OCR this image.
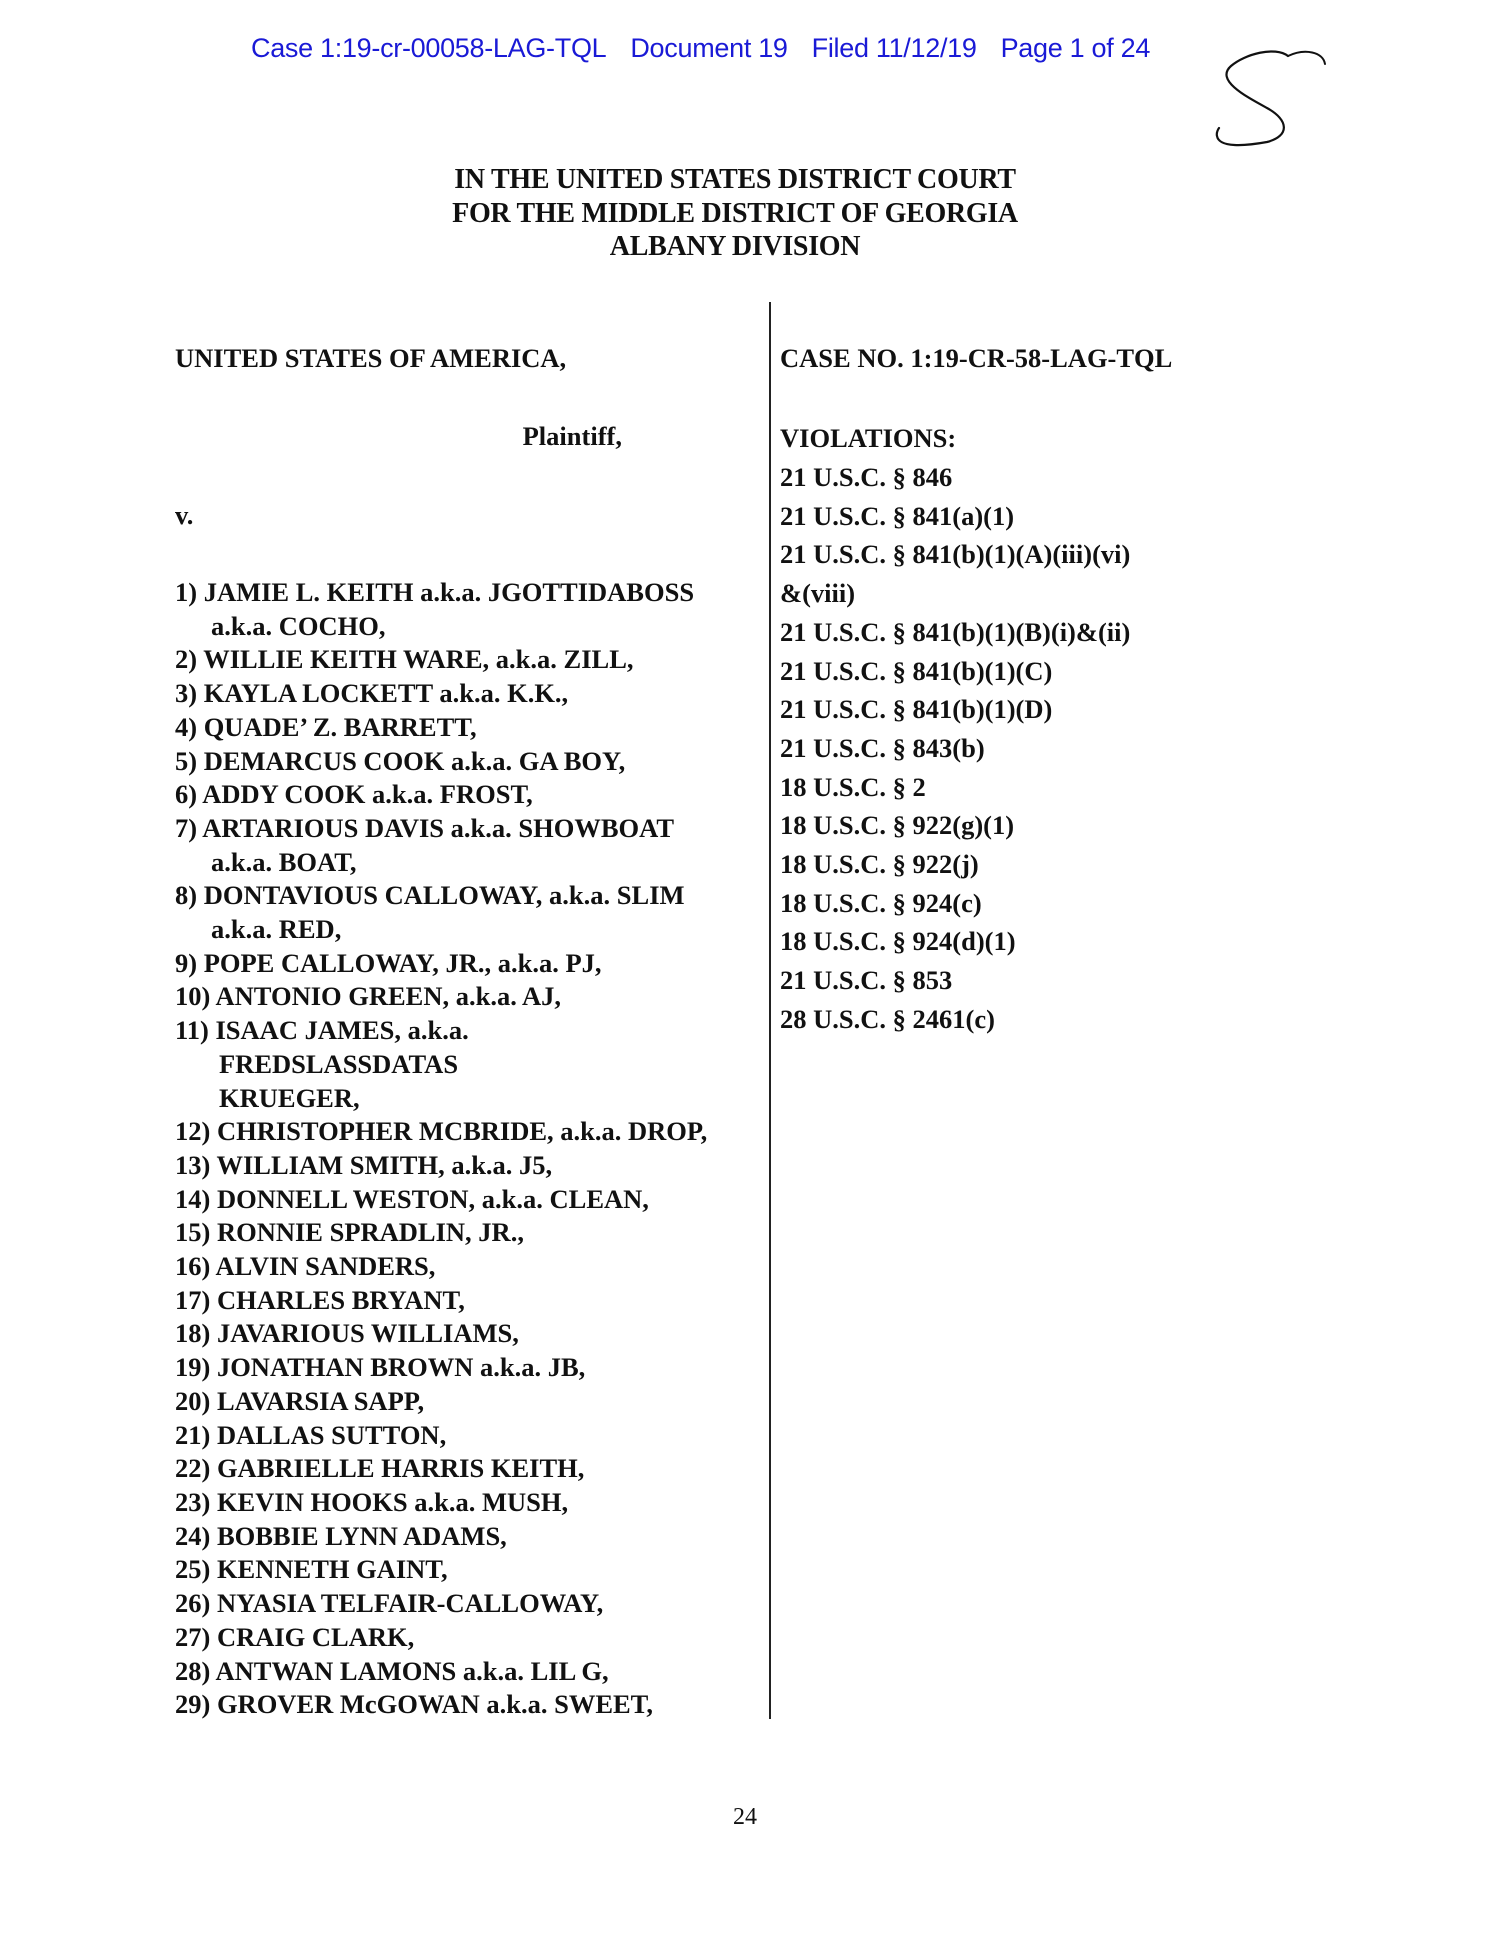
Case 1:19-cr-00058-LAG-TQL Document 19 Filed 11/12/19 Page 1 of 24
IN THE UNITED STATES DISTRICT COURT
FOR THE MIDDLE DISTRICT OF GEORGIA
ALBANY DIVISION
UNITED STATES OF AMERICA,
Plaintiff,
v.
CASE NO. 1:19-CR-58-LAG-TQL
1) JAMIE L. KEITH a.k.a. JGOTTIDABOSS
a.k.a. COCHO,
2) WILLIE KEITH WARE, a.k.a. ZILL,
3) KAYLA LOCKETT a.k.a. K.K.,
4) QUADE’ Z. BARRETT,
5) DEMARCUS COOK a.k.a. GA BOY,
6) ADDY COOK a.k.a. FROST,
7) ARTARIOUS DAVIS a.k.a. SHOWBOAT
a.k.a. BOAT,
8) DONTAVIOUS CALLOWAY, a.k.a. SLIM
a.k.a. RED,
9) POPE CALLOWAY, JR., a.k.a. PJ,
10) ANTONIO GREEN, a.k.a. AJ,
11) ISAAC JAMES, a.k.a.
FREDSLASSDATAS
KRUEGER,
12) CHRISTOPHER MCBRIDE, a.k.a. DROP,
13) WILLIAM SMITH, a.k.a. J5,
14) DONNELL WESTON, a.k.a. CLEAN,
15) RONNIE SPRADLIN, JR.,
16) ALVIN SANDERS,
17) CHARLES BRYANT,
18) JAVARIOUS WILLIAMS,
19) JONATHAN BROWN a.k.a. JB,
20) LAVARSIA SAPP,
21) DALLAS SUTTON,
22) GABRIELLE HARRIS KEITH,
23) KEVIN HOOKS a.k.a. MUSH,
24) BOBBIE LYNN ADAMS,
25) KENNETH GAINT,
26) NYASIA TELFAIR-CALLOWAY,
27) CRAIG CLARK,
28) ANTWAN LAMONS a.k.a. LIL G,
29) GROVER McGOWAN a.k.a. SWEET,
VIOLATIONS:
21 U.S.C. § 846
21 U.S.C. § 841(a)(1)
21 U.S.C. § 841(b)(1)(A)(iii)(vi)
&(viii)
21 U.S.C. § 841(b)(1)(B)(i)&(ii)
21 U.S.C. § 841(b)(1)(C)
21 U.S.C. § 841(b)(1)(D)
21 U.S.C. § 843(b)
18 U.S.C. § 2
18 U.S.C. § 922(g)(1)
18 U.S.C. § 922(j)
18 U.S.C. § 924(c)
18 U.S.C. § 924(d)(1)
21 U.S.C. § 853
28 U.S.C. § 2461(c)
24
